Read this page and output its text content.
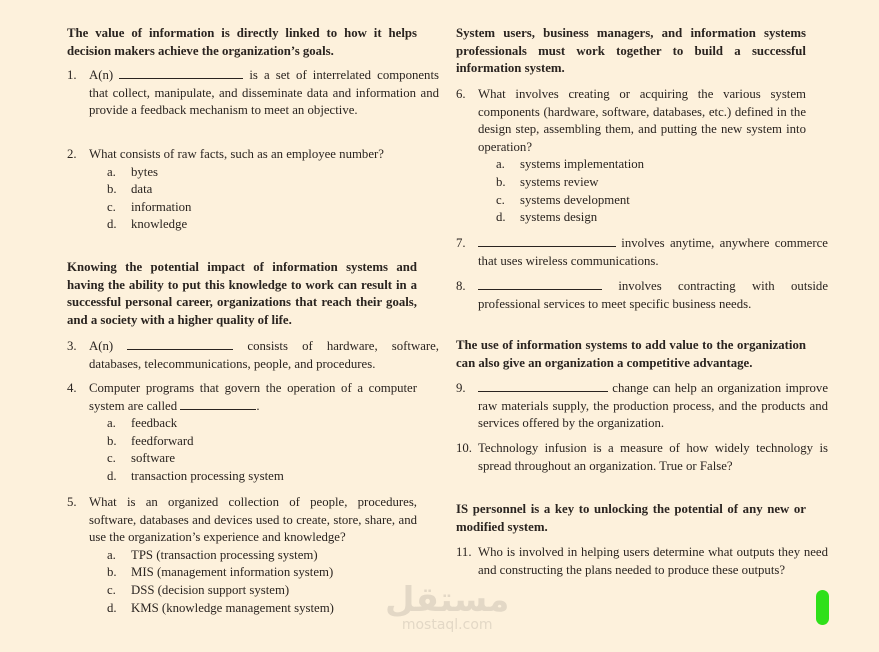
The value of information is directly linked to how it helps decision makers achieve the organization’s goals.
1. A(n)	is a set of interrelated components that collect, manipulate, and disseminate data and information and provide a feedback mechanism to meet an objective.
2. What consists of raw facts, such as an employee number?
a. bytes
b. data
c. information
d. knowledge
Knowing the potential impact of information systems and having the ability to put this knowledge to work can result in a successful personal career, organizations that reach their goals, and a society with a higher quality of life.
3. A(n)	consists of hardware, software, databases, telecommunications, people, and procedures.
4. Computer programs that govern the operation of a computer system are called	.
a. feedback
b. feedforward
c. software
d. transaction processing system
5. What is an organized collection of people, procedures, software, databases and devices used to create, store, share, and use the organization’s experience and knowledge?
a. TPS (transaction processing system)
b. MIS (management information system)
c. DSS (decision support system)
d. KMS (knowledge management system)
System users, business managers, and information systems professionals must work together to build a successful information system.
6. What involves creating or acquiring the various system components (hardware, software, databases, etc.) defined in the design step, assembling them, and putting the new system into operation?
a. systems implementation
b. systems review
c. systems development
d. systems design
7.	involves anytime, anywhere commerce that uses wireless communications.
8.	involves contracting with outside professional services to meet specific business needs.
The use of information systems to add value to the organization can also give an organization a competitive advantage.
9.	change can help an organization improve raw materials supply, the production process, and the products and services offered by the organization.
10. Technology infusion is a measure of how widely technology is spread throughout an organization. True or False?
IS personnel is a key to unlocking the potential of any new or modified system.
11. Who is involved in helping users determine what outputs they need and constructing the plans needed to produce these outputs?
مستقل
mostaql.com
